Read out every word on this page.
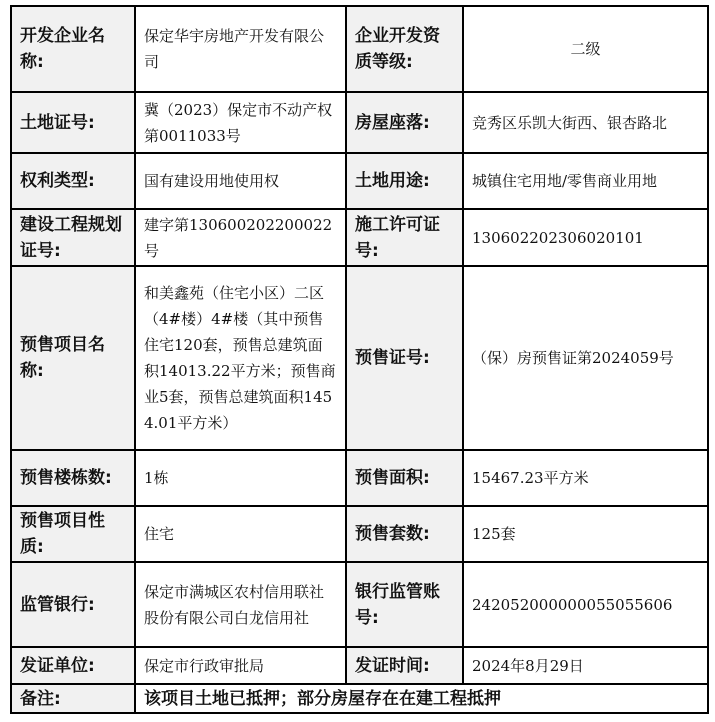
开发企业名称:	保定华宇房地产开发有限公司	企业开发资质等级:	二级
土地证号:	冀（2023）保定市不动产权第0011033号	房屋座落:	竞秀区乐凯大街西、银杏路北
权利类型:	国有建设用地使用权	土地用途:	城镇住宅用地/零售商业用地
建设工程规划证号:	建字第130600202200022号	施工许可证号:	130602202306020101
预售项目名称:	和美鑫苑（住宅小区）二区（4#楼）4#楼（其中预售住宅120套，预售总建筑面积14013.22平方米；预售商业5套，预售总建筑面积1454.01平方米）	预售证号:	（保）房预售证第2024059号
预售楼栋数:	1栋	预售面积:	15467.23平方米
预售项目性质:	住宅	预售套数:	125套
监管银行:	保定市满城区农村信用联社股份有限公司白龙信用社	银行监管账号:	242052000000055055606
发证单位:	保定市行政审批局	发证时间:	2024年8月29日
备注:	该项目土地已抵押；部分房屋存在在建工程抵押		
